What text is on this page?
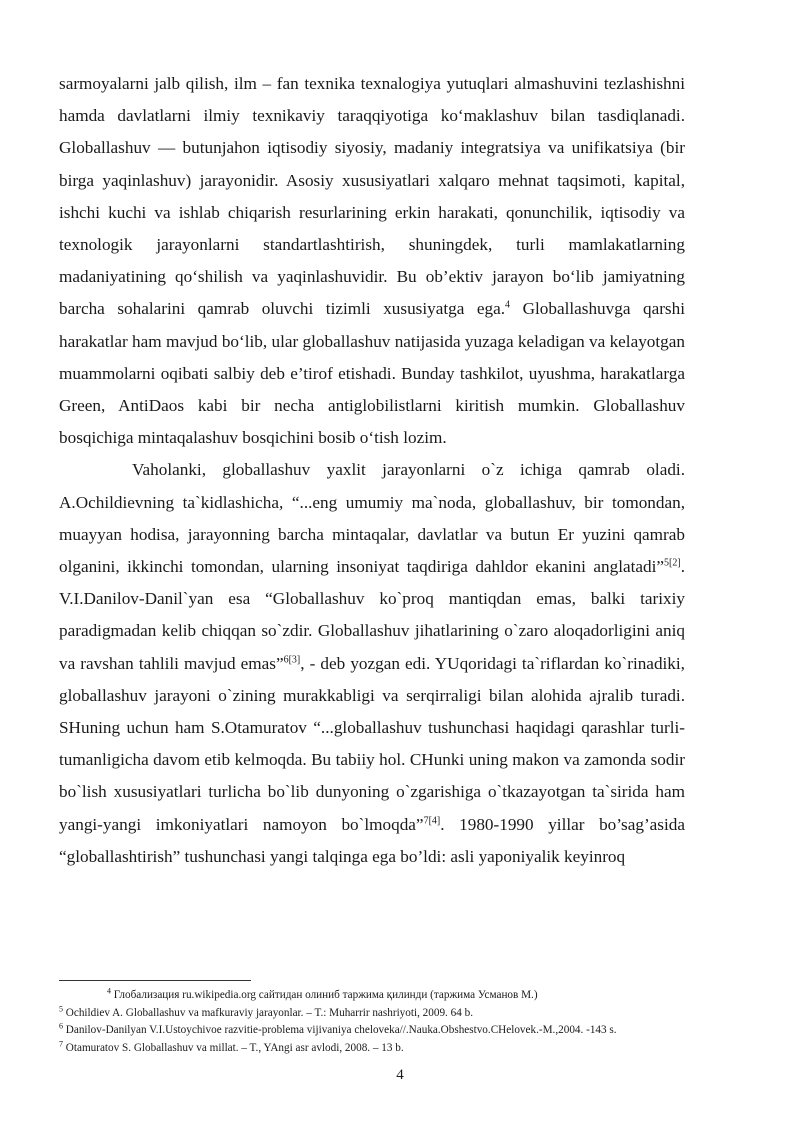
sarmoyalarni jalb qilish, ilm – fan texnika texnalogiya yutuqlari almashuvini tezlashishni hamda davlatlarni ilmiy texnikaviy taraqqiyotiga ko‘maklashuv bilan tasdiqlanadi. Globallashuv — butunjahon iqtisodiy siyosiy, madaniy integratsiya va unifikatsiya (bir birga yaqinlashuv) jarayonidir. Asosiy xususiyatlari xalqaro mehnat taqsimoti, kapital, ishchi kuchi va ishlab chiqarish resurlarining erkin harakati, qonunchilik, iqtisodiy va texnologik jarayonlarni standartlashtirish, shuningdek, turli mamlakatlarning madaniyatining qo‘shilish va yaqinlashuvidir. Bu ob’ektiv jarayon bo‘lib jamiyatning barcha sohalarini qamrab oluvchi tizimli xususiyatga ega.$^4$ Globallashuvga qarshi harakatlar ham mavjud bo‘lib, ular globallashuv natijasida yuzaga keladigan va kelayotgan muammolarni oqibati salbiy deb e’tirof etishadi. Bunday tashkilot, uyushma, harakatlarga Green, AntiDaos kabi bir necha antiglobilistlarni kiritish mumkin. Globallashuv bosqichiga mintaqalashuv bosqichini bosib o‘tish lozim.

Vaholanki, globallashuv yaxlit jarayonlarni o`z ichiga qamrab oladi. A.Ochildievning ta`kidlashicha, “...eng umumiy ma`noda, globallashuv, bir tomondan, muayyan hodisa, jarayonning barcha mintaqalar, davlatlar va butun Er yuzini qamrab olganini, ikkinchi tomondan, ularning insoniyat taqdiriga dahldor ekanini anglatadi”$^{5[2]}$. V.I.Danilov-Danil`yan esa “Globallashuv ko`proq mantiqdan emas, balki tarixiy paradigmadan kelib chiqqan so`zdir. Globallashuv jihatlarining o`zaro aloqadorligini aniq va ravshan tahlili mavjud emas”$^{6[3]}$, - deb yozgan edi. YUqoridagi ta`riflardan ko`rinadiki, globallashuv jarayoni o`zining murakkabligi va serqirraligi bilan alohida ajralib turadi. SHuning uchun ham S.Otamuratov “...globallashuv tushunchasi haqidagi qarashlar turli-tumanligicha davom etib kelmoqda. Bu tabiiy hol. CHunki uning makon va zamonda sodir bo`lish xususiyatlari turlicha bo`lib dunyoning o`zgarishiga o`tkazayotgan ta`sirida ham yangi-yangi imkoniyatlari namoyon bo`lmoqda”$^{7[4]}$. 1980-1990 yillar bo’sag’asida “globallashtirish” tushunchasi yangi talqinga ega bo’ldi: asli yaponiyalik keyinroq

$^4$ Глобализация ru.wikipedia.org сайтидан олиниб таржима қилинди (таржима Усманов М.)

$^5$ Ochildiev A. Globallashuv va mafkuraviy jarayonlar. – T.: Muharrir nashriyoti, 2009. 64 b.

$^6$ Danilov-Danilyan V.I.Ustoychivoe razvitie-problema vijivaniya cheloveka//.Nauka.Obshestvo.CHelovek.-M.,2004. -143 s.

$^7$ Otamuratov S. Globallashuv va millat. – T., YAngi asr avlodi, 2008. – 13 b.

4
